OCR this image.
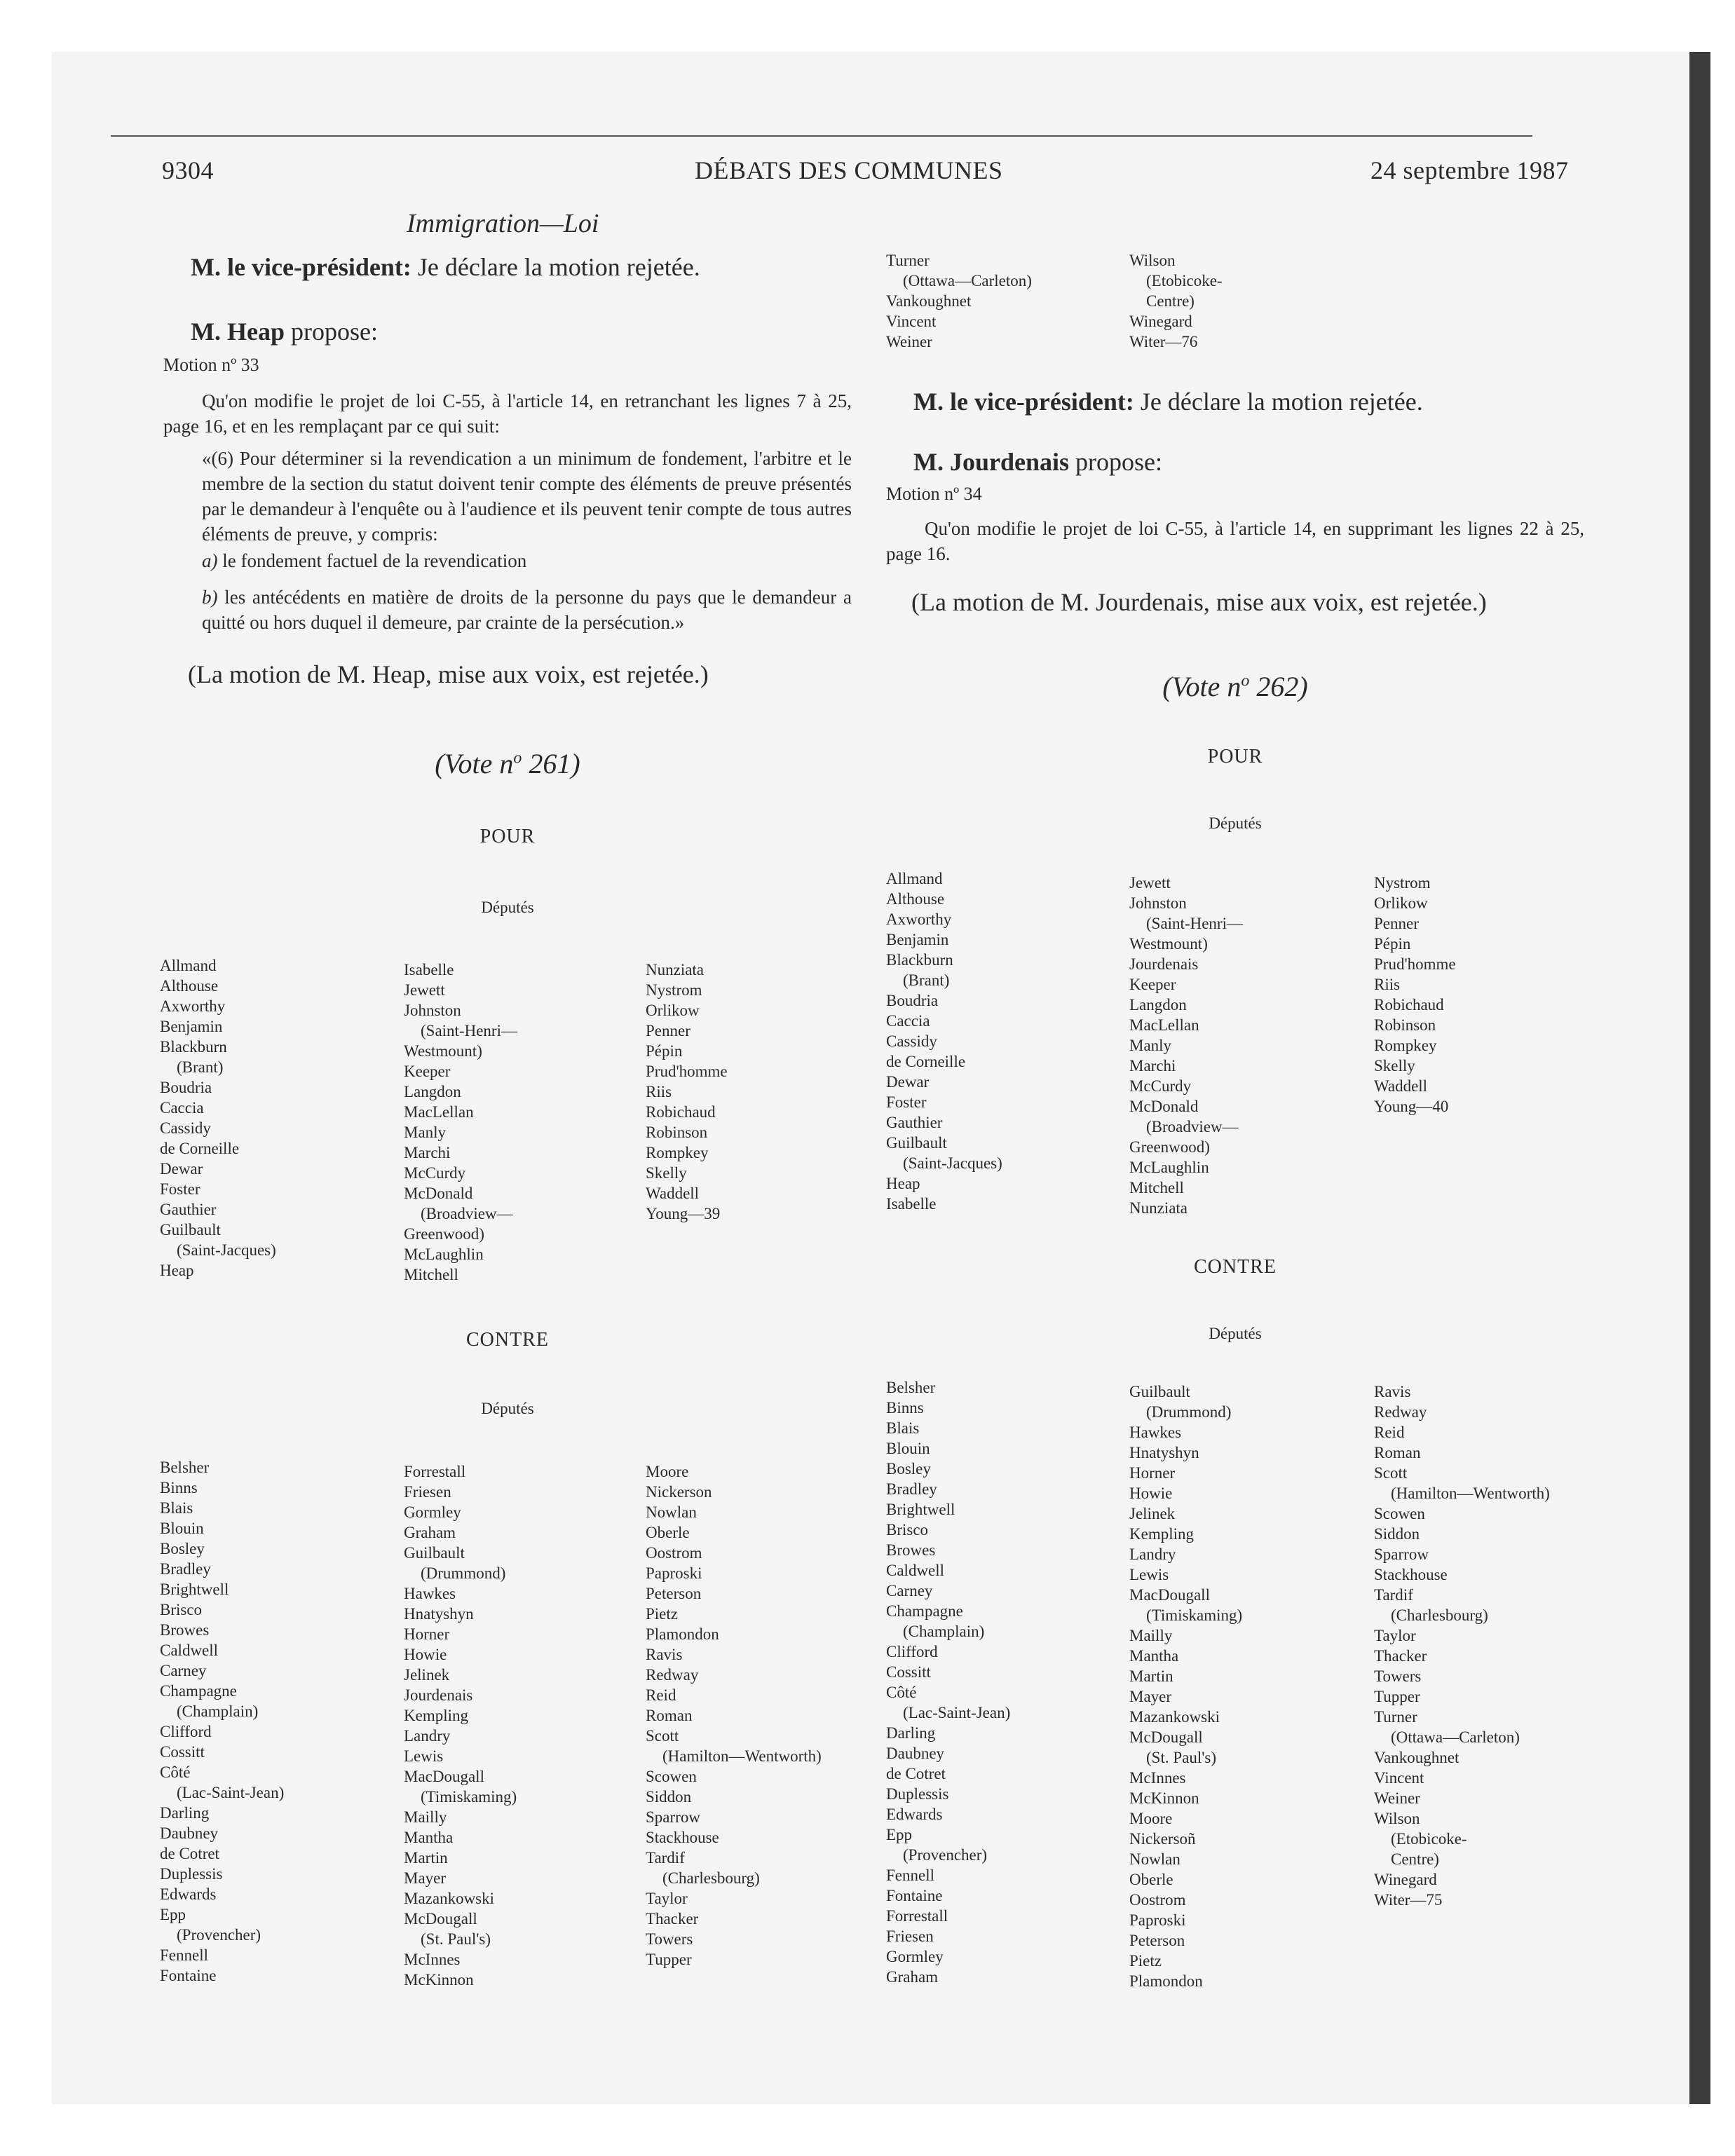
9304	DÉBATS DES COMMUNES	24 septembre 1987
Immigration—Loi
M. le vice-président: Je déclare la motion rejetée.
M. Heap propose:
Motion nº 33
Qu'on modifie le projet de loi C-55, à l'article 14, en retranchant les lignes 7 à 25, page 16, et en les remplaçant par ce qui suit:
«(6) Pour déterminer si la revendication a un minimum de fondement, l'arbitre et le membre de la section du statut doivent tenir compte des éléments de preuve présentés par le demandeur à l'enquête ou à l'audience et ils peuvent tenir compte de tous autres éléments de preuve, y compris:
a) le fondement factuel de la revendication
b) les antécédents en matière de droits de la personne du pays que le demandeur a quitté ou hors duquel il demeure, par crainte de la persécution.»
(La motion de M. Heap, mise aux voix, est rejetée.)
(Vote $n^o$ 261)
POUR
Députés
Allmand
Althouse
Axworthy
Benjamin
Blackburn
(Brant)
Boudria
Caccia
Cassidy
de Corneille
Dewar
Foster
Gauthier
Guilbault
(Saint-Jacques)
Heap
Isabelle
Jewett
Johnston
(Saint-Henri—
Westmount)
Keeper
Langdon
MacLellan
Manly
Marchi
McCurdy
McDonald
(Broadview—
Greenwood)
McLaughlin
Mitchell
Nunziata
Nystrom
Orlikow
Penner
Pépin
Prud'homme
Riis
Robichaud
Robinson
Rompkey
Skelly
Waddell
Young—39
CONTRE
Députés
Belsher
Binns
Blais
Blouin
Bosley
Bradley
Brightwell
Brisco
Browes
Caldwell
Carney
Champagne
(Champlain)
Clifford
Cossitt
Côté
(Lac-Saint-Jean)
Darling
Daubney
de Cotret
Duplessis
Edwards
Epp
(Provencher)
Fennell
Fontaine
Forrestall
Friesen
Gormley
Graham
Guilbault
(Drummond)
Hawkes
Hnatyshyn
Horner
Howie
Jelinek
Jourdenais
Kempling
Landry
Lewis
MacDougall
(Timiskaming)
Mailly
Mantha
Martin
Mayer
Mazankowski
McDougall
(St. Paul's)
McInnes
McKinnon
Moore
Nickerson
Nowlan
Oberle
Oostrom
Paproski
Peterson
Pietz
Plamondon
Ravis
Redway
Reid
Roman
Scott
(Hamilton—Wentworth)
Scowen
Siddon
Sparrow
Stackhouse
Tardif
(Charlesbourg)
Taylor
Thacker
Towers
Tupper
Turner
(Ottawa—Carleton)
Vankoughnet
Vincent
Weiner
Wilson
(Etobicoke-
Centre)
Winegard
Witer—76
M. le vice-président: Je déclare la motion rejetée.
M. Jourdenais propose:
Motion nº 34
Qu'on modifie le projet de loi C-55, à l'article 14, en supprimant les lignes 22 à 25, page 16.
(La motion de M. Jourdenais, mise aux voix, est rejetée.)
(Vote $n^o$ 262)
POUR
Députés
Allmand
Althouse
Axworthy
Benjamin
Blackburn
(Brant)
Boudria
Caccia
Cassidy
de Corneille
Dewar
Foster
Gauthier
Guilbault
(Saint-Jacques)
Heap
Isabelle
Jewett
Johnston
(Saint-Henri—
Westmount)
Jourdenais
Keeper
Langdon
MacLellan
Manly
Marchi
McCurdy
McDonald
(Broadview—
Greenwood)
McLaughlin
Mitchell
Nunziata
Nystrom
Orlikow
Penner
Pépin
Prud'homme
Riis
Robichaud
Robinson
Rompkey
Skelly
Waddell
Young—40
CONTRE
Députés
Belsher
Binns
Blais
Blouin
Bosley
Bradley
Brightwell
Brisco
Browes
Caldwell
Carney
Champagne
(Champlain)
Clifford
Cossitt
Côté
(Lac-Saint-Jean)
Darling
Daubney
de Cotret
Duplessis
Edwards
Epp
(Provencher)
Fennell
Fontaine
Forrestall
Friesen
Gormley
Graham
Guilbault
(Drummond)
Hawkes
Hnatyshyn
Horner
Howie
Jelinek
Kempling
Landry
Lewis
MacDougall
(Timiskaming)
Mailly
Mantha
Martin
Mayer
Mazankowski
McDougall
(St. Paul's)
McInnes
McKinnon
Moore
Nickersoñ
Nowlan
Oberle
Oostrom
Paproski
Peterson
Pietz
Plamondon
Ravis
Redway
Reid
Roman
Scott
(Hamilton—Wentworth)
Scowen
Siddon
Sparrow
Stackhouse
Tardif
(Charlesbourg)
Taylor
Thacker
Towers
Tupper
Turner
(Ottawa—Carleton)
Vankoughnet
Vincent
Weiner
Wilson
(Etobicoke-
Centre)
Winegard
Witer—75
